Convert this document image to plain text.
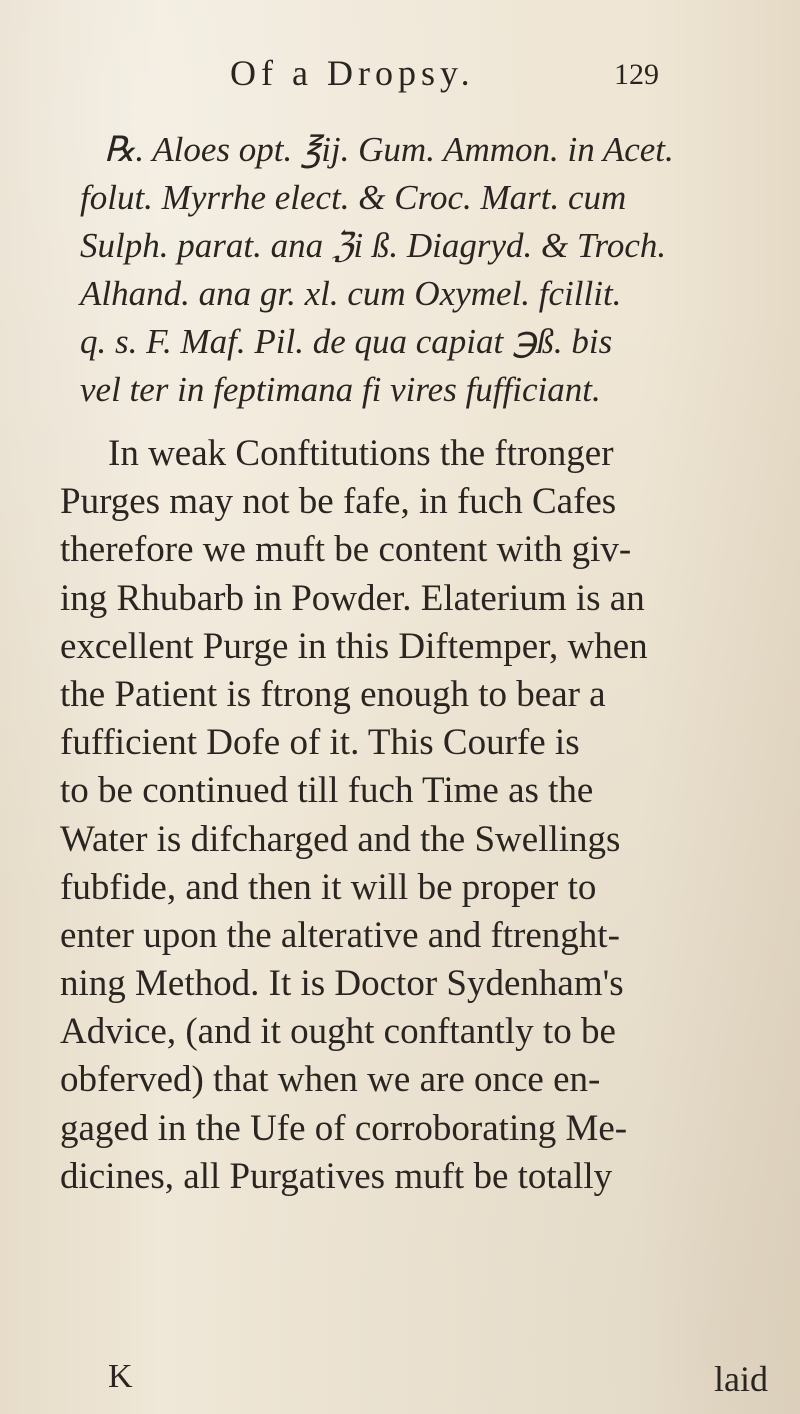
Of a Dropsy.	129
℞. Aloes opt. ℥ij. Gum. Ammon. in Acet.
folut. Myrrhe elect. & Croc. Mart. cum
Sulph. parat. ana ℨi ß. Diagryd. & Troch.
Alhand. ana gr. xl. cum Oxymel. fcillit.
q. s. F. Maf. Pil. de qua capiat ℈ß. bis
vel ter in feptimana fi vires fufficiant.
In weak Conftitutions the ftronger
Purges may not be fafe, in fuch Cafes
therefore we muft be content with giv-
ing Rhubarb in Powder. Elaterium is an
excellent Purge in this Diftemper, when
the Patient is ftrong enough to bear a
fufficient Dofe of it. This Courfe is
to be continued till fuch Time as the
Water is difcharged and the Swellings
fubfide, and then it will be proper to
enter upon the alterative and ftrenght-
ning Method. It is Doctor Sydenham's
Advice, (and it ought conftantly to be
obferved) that when we are once en-
gaged in the Ufe of corroborating Me-
dicines, all Purgatives muft be totally
K	laid
